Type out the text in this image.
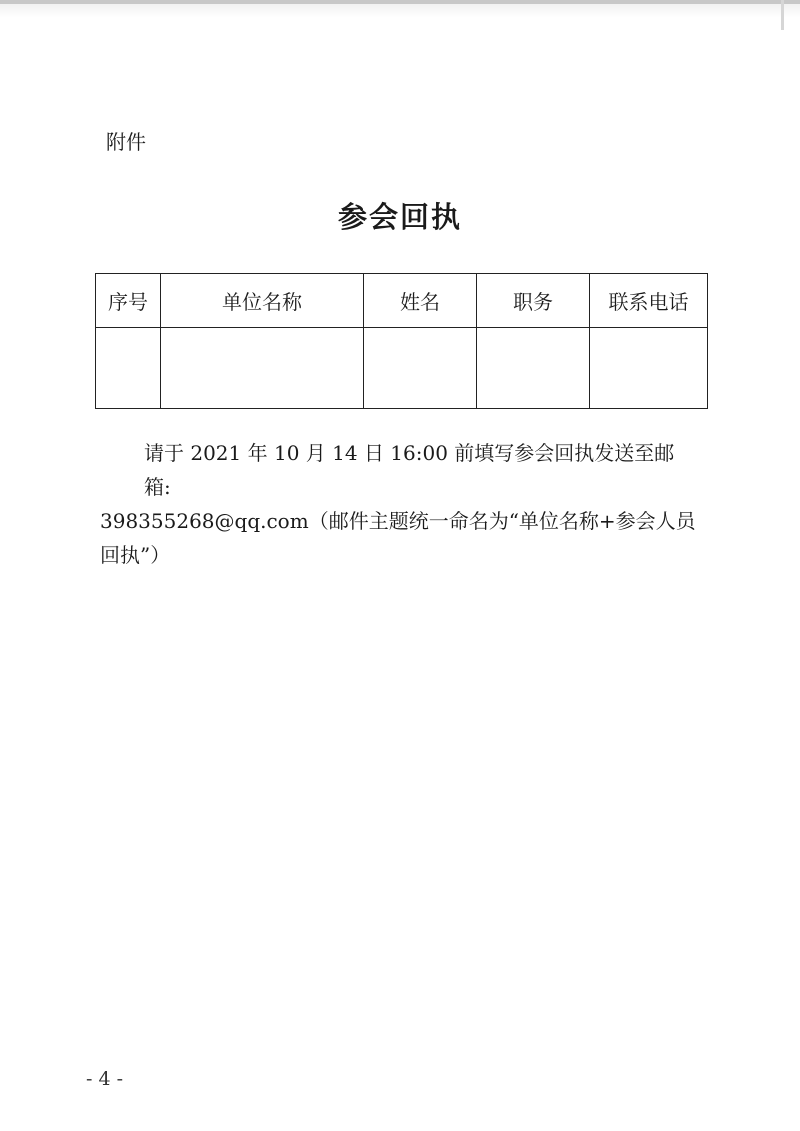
附件
参会回执
序号	单位名称	姓名	职务	联系电话

请于 2021 年 10 月 14 日 16:00 前填写参会回执发送至邮箱:

398355268@qq.com（邮件主题统一命名为“单位名称+参会人员

回执”）

- 4 -
